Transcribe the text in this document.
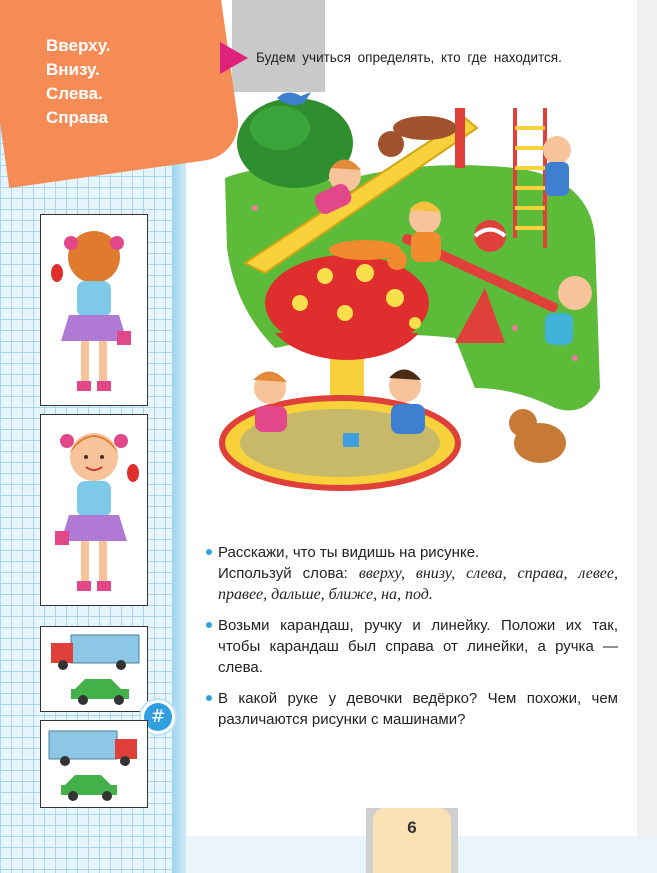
Вверху.
Внизу.
Слева.
Справа
Будем учиться определять, кто где находится.
#

Расскажи, что ты видишь на рисунке.

Используй слова: вверху, внизу, слева, справа, левее, правее, дальше, ближе, на, под.

Возьми карандаш, ручку и линейку. Положи их так, чтобы карандаш был справа от линейки, а ручка — слева.

В какой руке у девочки ведёрко? Чем похожи, чем различаются рисунки с машинами?

6
